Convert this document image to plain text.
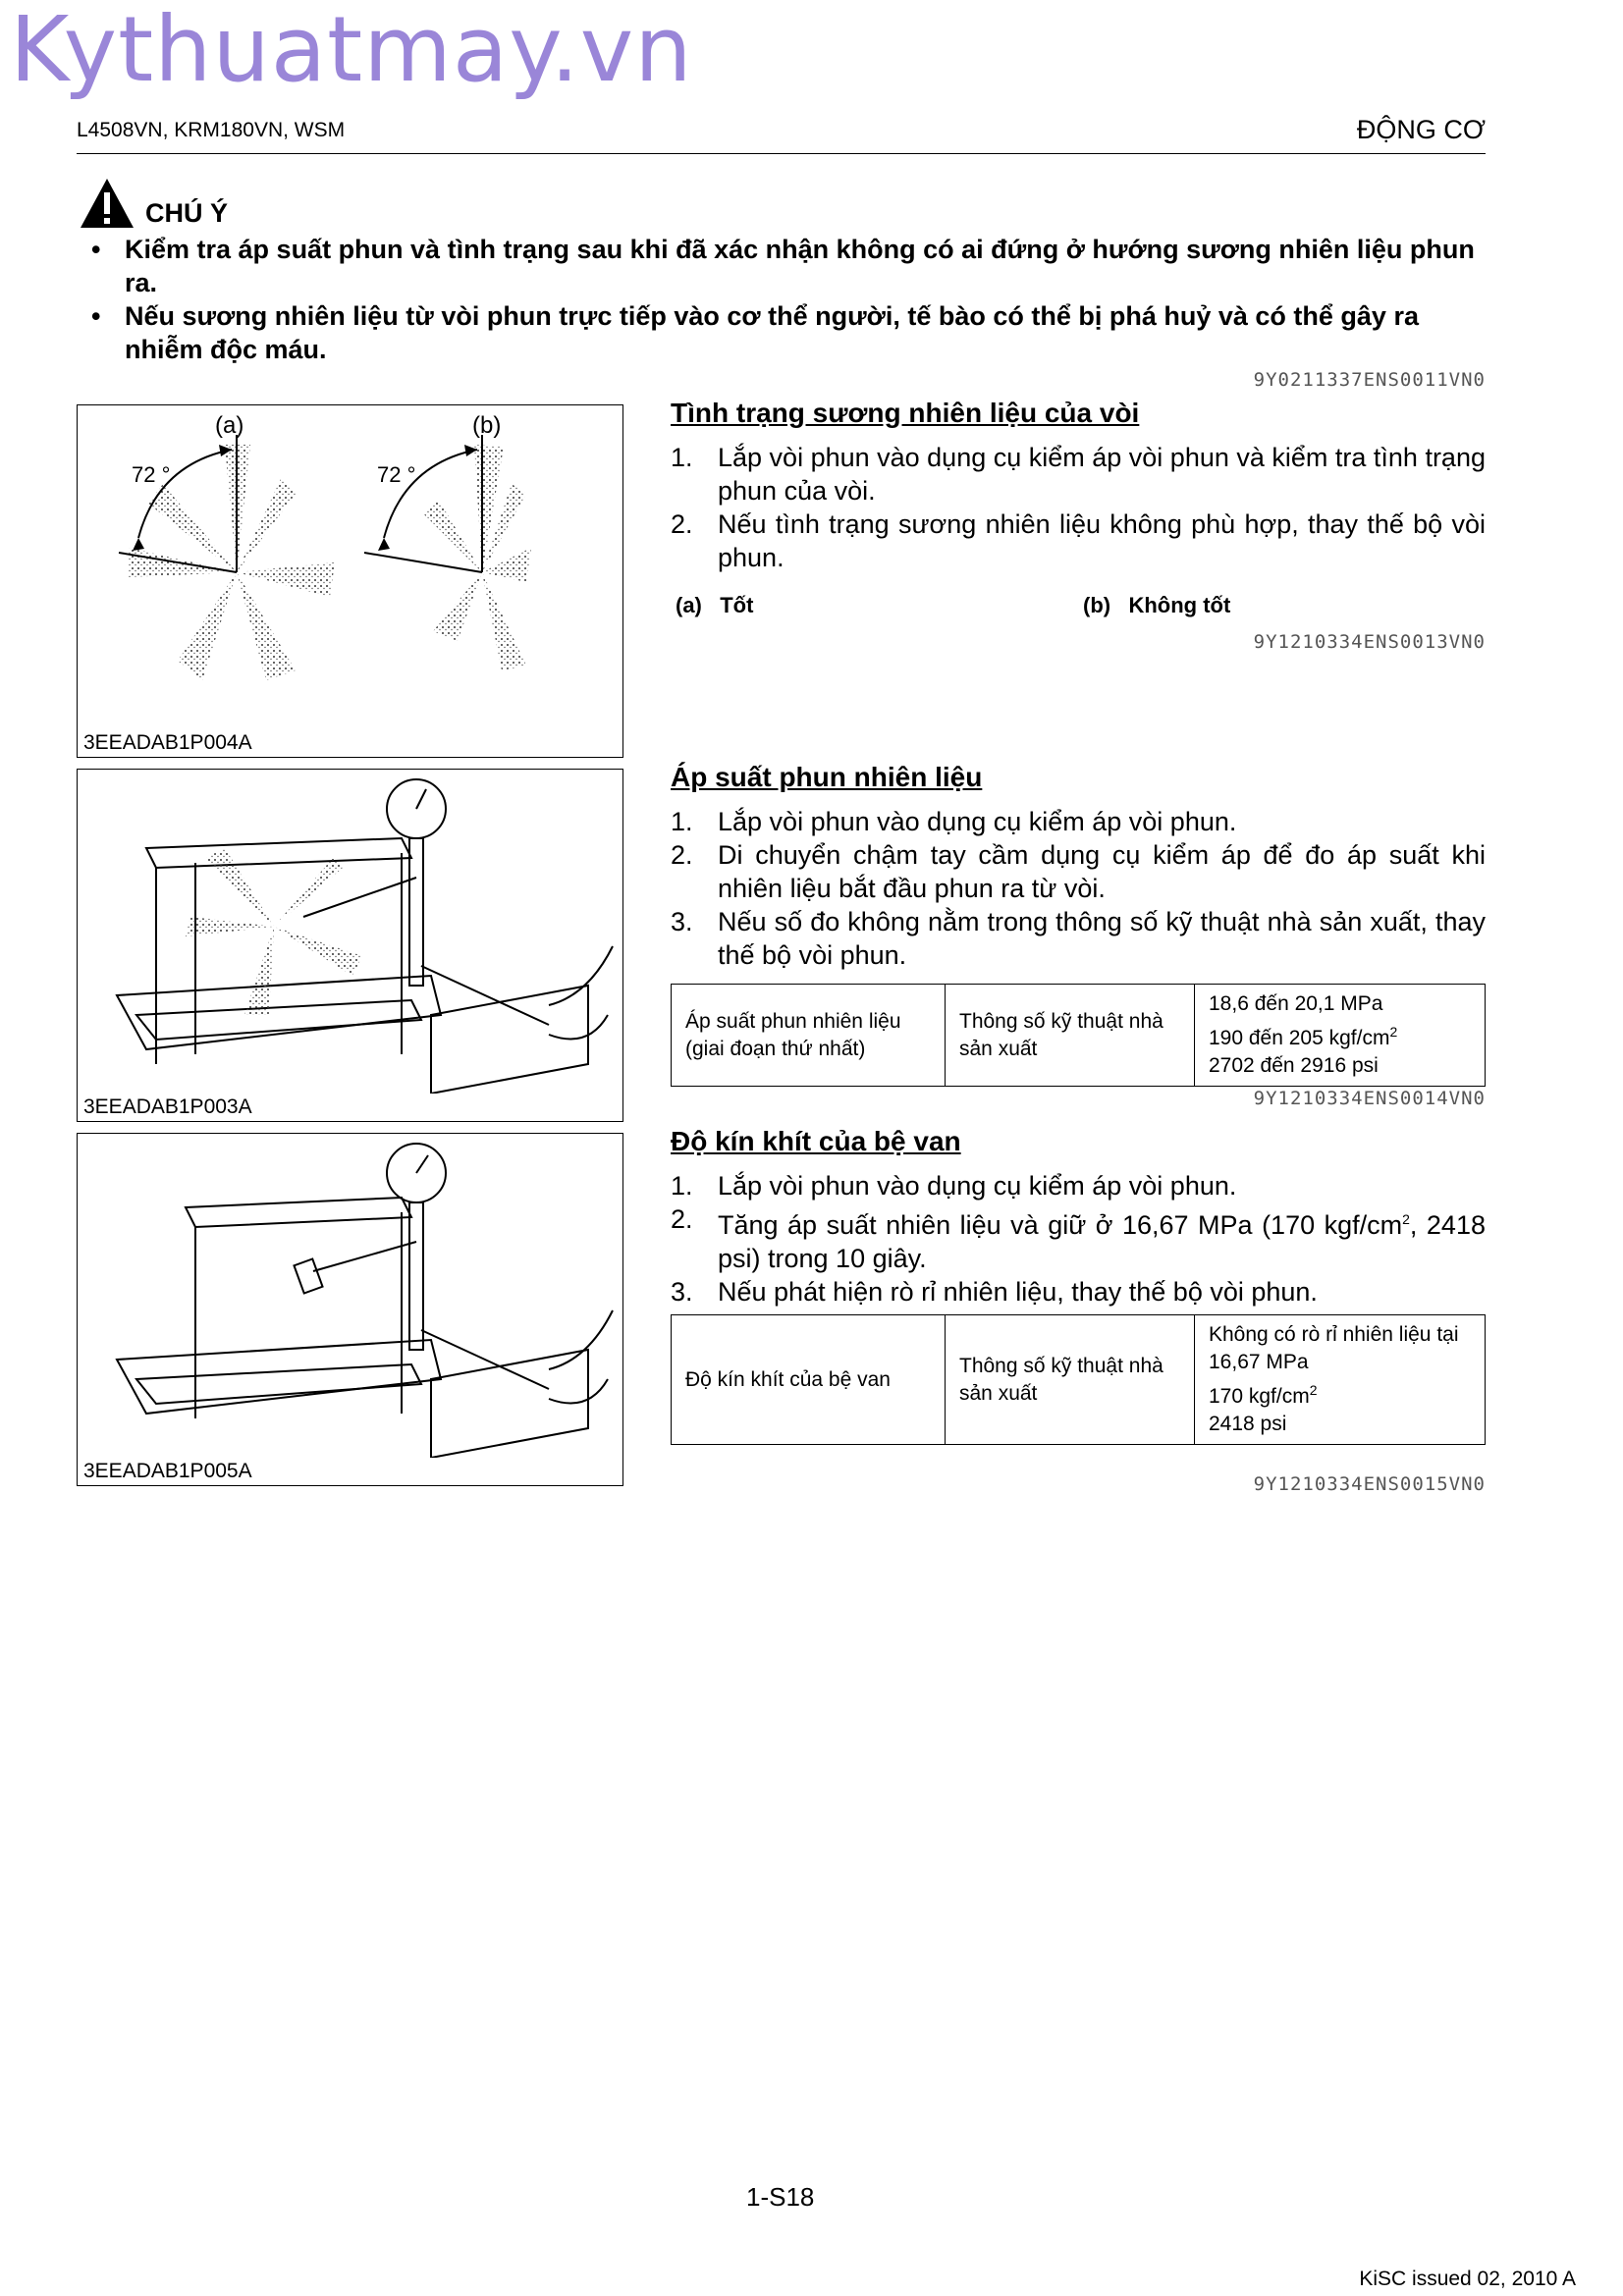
Kythuatmay.vn
L4508VN, KRM180VN, WSM	ĐỘNG CƠ
CHÚ Ý
• Kiểm tra áp suất phun và tình trạng sau khi đã xác nhận không có ai đứng ở hướng sương nhiên liệu phun ra.
• Nếu sương nhiên liệu từ vòi phun trực tiếp vào cơ thể người, tế bào có thể bị phá huỷ và có thể gây ra nhiễm độc máu.
9Y0211337ENS0011VN0
(a)
72 °
(b)
72 °
3EEADAB1P004A
3EEADAB1P003A
3EEADAB1P005A
Tình trạng sương nhiên liệu của vòi

1. Lắp vòi phun vào dụng cụ kiểm áp vòi phun và kiểm tra tình trạng phun của vòi.

2. Nếu tình trạng sương nhiên liệu không phù hợp, thay thế bộ vòi phun.

(a) Tốt	(b) Không tốt
9Y1210334ENS0013VN0
Áp suất phun nhiên liệu

1. Lắp vòi phun vào dụng cụ kiểm áp vòi phun.

2. Di chuyển chậm tay cầm dụng cụ kiểm áp để đo áp suất khi nhiên liệu bắt đầu phun ra từ vòi.

3. Nếu số đo không nằm trong thông số kỹ thuật nhà sản xuất, thay thế bộ vòi phun.

Áp suất phun nhiên liệu (giai đoạn thứ nhất)	Thông số kỹ thuật nhà sản xuất	18,6 đến 20,1 MPa
190 đến 205 kgf/$cm^2$
2702 đến 2916 psi
9Y1210334ENS0014VN0
Độ kín khít của bệ van

1. Lắp vòi phun vào dụng cụ kiểm áp vòi phun.

2. Tăng áp suất nhiên liệu và giữ ở 16,67 MPa (170 kgf/$cm^2$, 2418 psi) trong 10 giây.

3. Nếu phát hiện rò rỉ nhiên liệu, thay thế bộ vòi phun.

Độ kín khít của bệ van	Thông số kỹ thuật nhà sản xuất	Không có rò rỉ nhiên liệu tại
16,67 MPa
170 kgf/$cm^2$
2418 psi
9Y1210334ENS0015VN0
1-S18
KiSC issued 02, 2010 A
